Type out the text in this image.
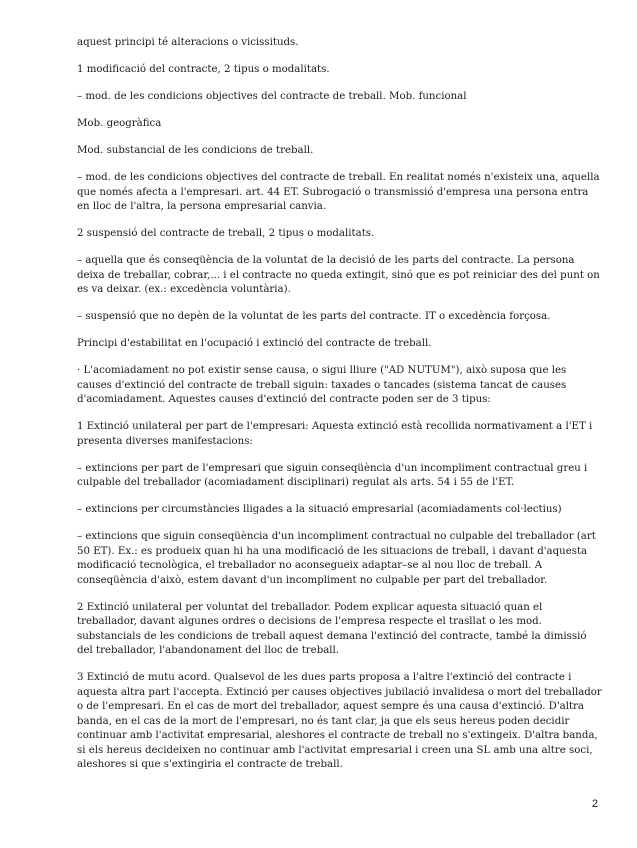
aquest principi té alteracions o vicissituds.

1 modificació del contracte, 2 tipus o modalitats.

– mod. de les condicions objectives del contracte de treball. Mob. funcional

Mob. geogràfica

Mod. substancial de les condicions de treball.

– mod. de les condicions objectives del contracte de treball. En realitat només n'existeix una, aquella que només afecta a l'empresari. art. 44 ET. Subrogació o transmissió d'empresa una persona entra en lloc de l'altra, la persona empresarial canvia.

2 suspensió del contracte de treball, 2 tipus o modalitats.

– aquella que és conseqüència de la voluntat de la decisió de les parts del contracte. La persona deixa de treballar, cobrar,... i el contracte no queda extingit, sinó que es pot reiniciar des del punt on es va deixar. (ex.: excedència voluntària).

– suspensió que no depèn de la voluntat de les parts del contracte. IT o excedència forçosa.

Principi d'estabilitat en l'ocupació i extinció del contracte de treball.

· L'acomiadament no pot existir sense causa, o sigui lliure ("AD NUTUM"), això suposa que les causes d'extinció del contracte de treball siguin: taxades o tancades (sistema tancat de causes d'acomiadament. Aquestes causes d'extinció del contracte poden ser de 3 tipus:

1 Extinció unilateral per part de l'empresari: Aquesta extinció està recollida normativament a l'ET i presenta diverses manifestacions:

– extincions per part de l'empresari que siguin conseqüència d'un incompliment contractual greu i culpable del treballador (acomiadament disciplinari) regulat als arts. 54 i 55 de l'ET.

– extincions per circumstàncies lligades a la situació empresarial (acomiadaments col·lectius)

– extincions que siguin conseqüència d'un incompliment contractual no culpable del treballador (art 50 ET). Ex.: es produeix quan hi ha una modificació de les situacions de treball, i davant d'aquesta modificació tecnològica, el treballador no aconsegueix adaptar–se al nou lloc de treball. A conseqüència d'això, estem davant d'un incompliment no culpable per part del treballador.

2 Extinció unilateral per voluntat del treballador. Podem explicar aquesta situació quan el treballador, davant algunes ordres o decisions de l'empresa respecte el trasllat o les mod. substancials de les condicions de treball aquest demana l'extinció del contracte, també la dimissió del treballador, l'abandonament del lloc de treball.

3 Extinció de mutu acord. Qualsevol de les dues parts proposa a l'altre l'extinció del contracte i aquesta altra part l'accepta. Extinció per causes objectives jubilació invalidesa o mort del treballador o de l'empresari. En el cas de mort del treballador, aquest sempre és una causa d'extinció. D'altra banda, en el cas de la mort de l'empresari, no és tant clar, ja que els seus hereus poden decidir continuar amb l'activitat empresarial, aleshores el contracte de treball no s'extingeix. D'altra banda, si els hereus decideixen no continuar amb l'activitat empresarial i creen una SL amb una altre soci, aleshores si que s'extingiria el contracte de treball.

2
